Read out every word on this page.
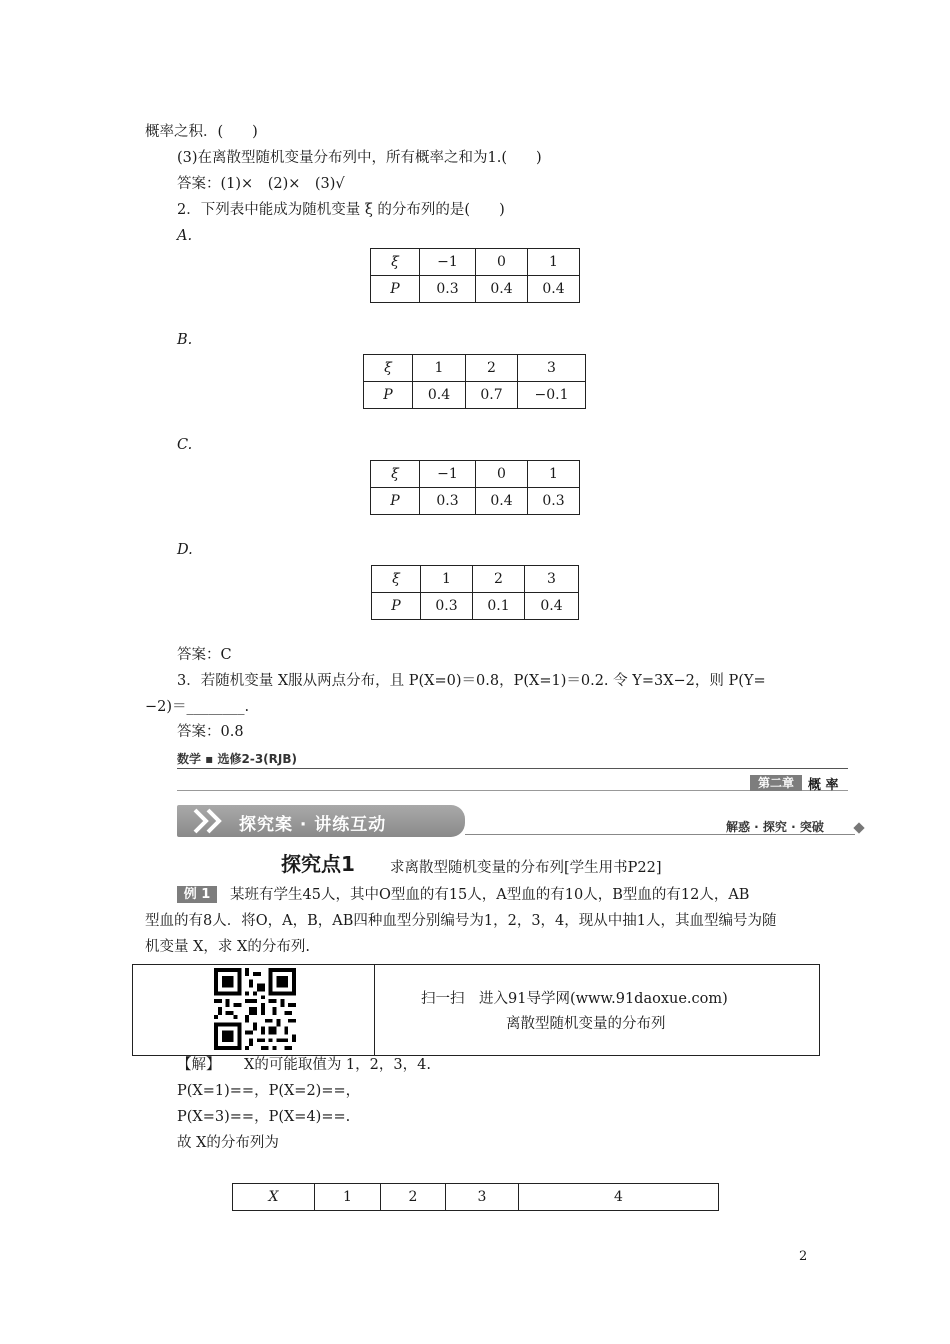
概率之积．(　　)
(3)在离散型随机变量分布列中，所有概率之和为1.(　　)
答案：(1)×　(2)×　(3)√
2．下列表中能成为随机变量 ξ 的分布列的是(　　)
A.
ξ	−1	0	1
P	0.3	0.4	0.4
B.
ξ	1	2	3
P	0.4	0.7	−0.1
C.
ξ	−1	0	1
P	0.3	0.4	0.3
D.
ξ	1	2	3
P	0.3	0.1	0.4
答案：C
3．若随机变量 X服从两点分布，且 P(X=0)＝0.8，P(X=1)＝0.2. 令 Y=3X−2，则 P(Y=
−2)＝________.
答案：0.8
数学 ▪ 选修2-3(RJB)
第二章	概 率
探究案 · 讲练互动	解惑 · 探究 · 突破
探究点1 求离散型随机变量的分布列[学生用书P22]
例 1	某班有学生45人，其中O型血的有15人，A型血的有10人，B型血的有12人，AB
型血的有8人．将O，A，B，AB四种血型分别编号为1，2，3，4，现从中抽1人，其血型编号为随
机变量 X，求 X的分布列.
扫一扫　进入91导学网(www.91daoxue.com)
离散型随机变量的分布列
【解】 X的可能取值为 1，2，3，4.
P(X=1)==，P(X=2)==，
P(X=3)==，P(X=4)==.
故 X的分布列为
X	1	2	3	4
2
